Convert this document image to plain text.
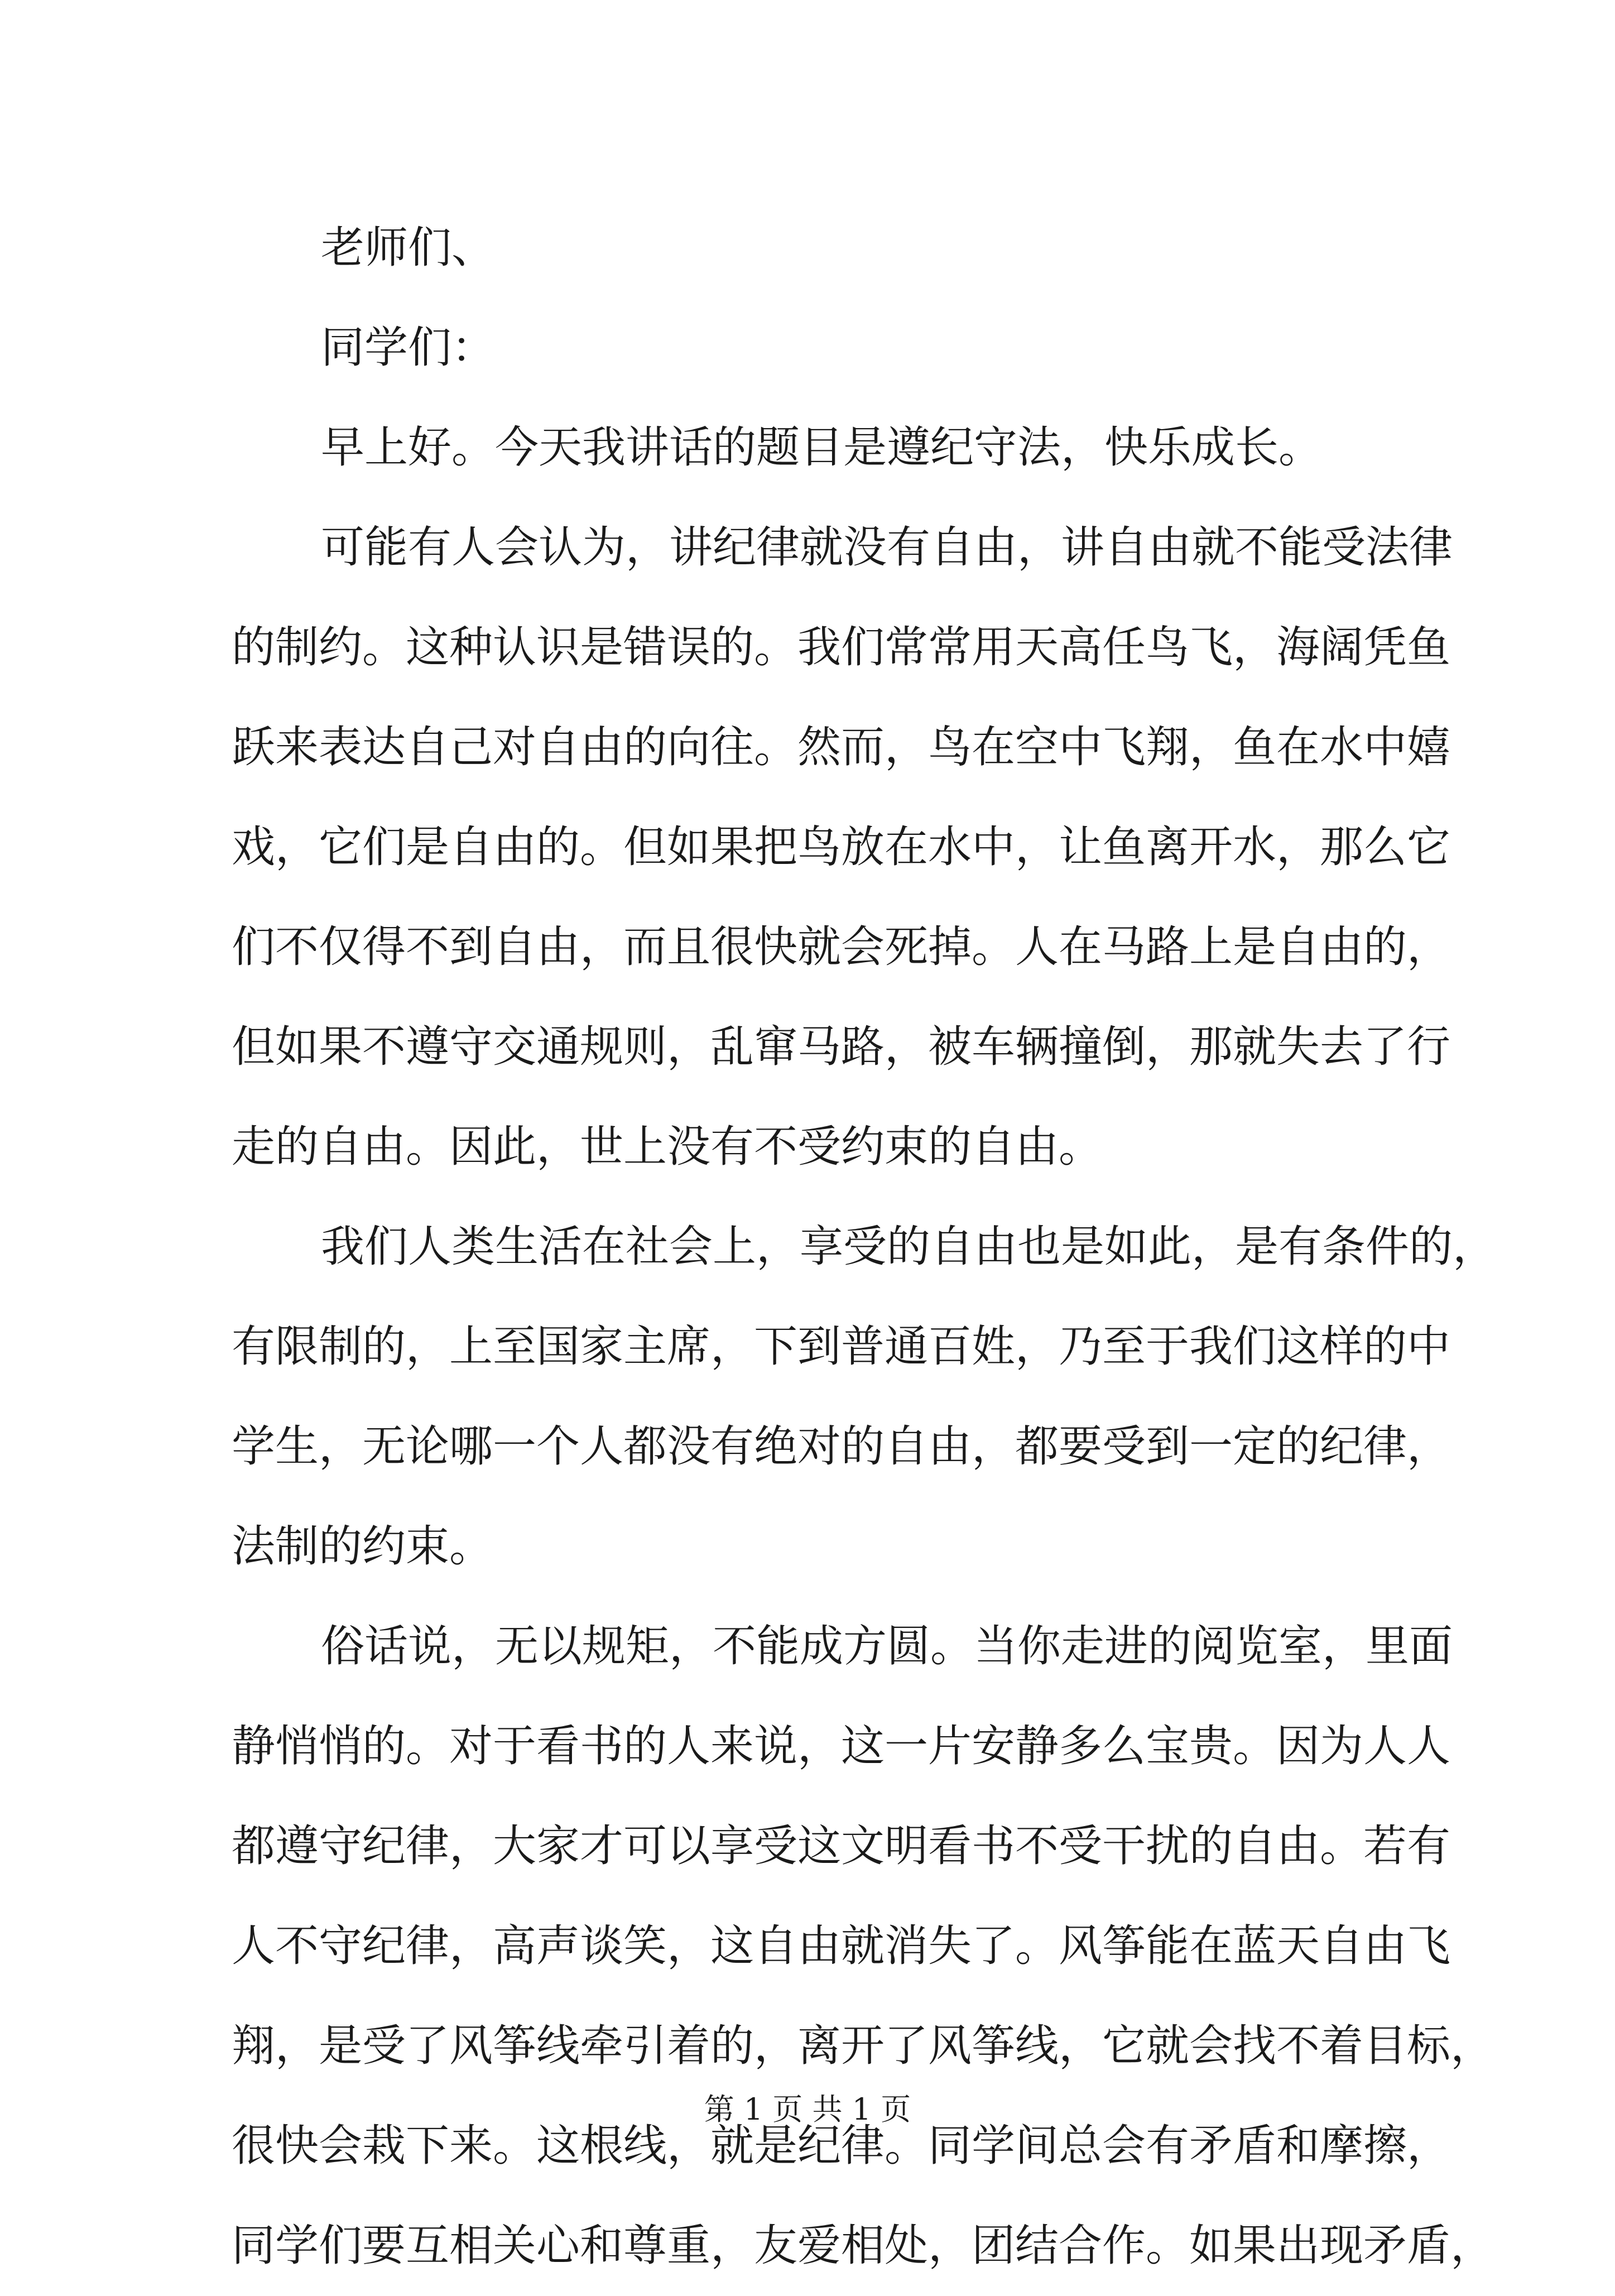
老师们、
同学们：
早上好。今天我讲话的题目是遵纪守法，快乐成长。
可能有人会认为，讲纪律就没有自由，讲自由就不能受法律
的制约。这种认识是错误的。我们常常用天高任鸟飞，海阔凭鱼
跃来表达自己对自由的向往。然而，鸟在空中飞翔，鱼在水中嬉
戏，它们是自由的。但如果把鸟放在水中，让鱼离开水，那么它
们不仅得不到自由，而且很快就会死掉。人在马路上是自由的，
但如果不遵守交通规则，乱窜马路，被车辆撞倒，那就失去了行
走的自由。因此，世上没有不受约束的自由。
我们人类生活在社会上，享受的自由也是如此，是有条件的，
有限制的，上至国家主席，下到普通百姓，乃至于我们这样的中
学生，无论哪一个人都没有绝对的自由，都要受到一定的纪律，
法制的约束。
俗话说，无以规矩，不能成方圆。当你走进的阅览室，里面
静悄悄的。对于看书的人来说，这一片安静多么宝贵。因为人人
都遵守纪律，大家才可以享受这文明看书不受干扰的自由。若有
人不守纪律，高声谈笑，这自由就消失了。风筝能在蓝天自由飞
翔，是受了风筝线牵引着的，离开了风筝线，它就会找不着目标，
很快会栽下来。这根线，就是纪律。同学间总会有矛盾和摩擦，
同学们要互相关心和尊重，友爱相处，团结合作。如果出现矛盾，
第 1 页 共 1 页
